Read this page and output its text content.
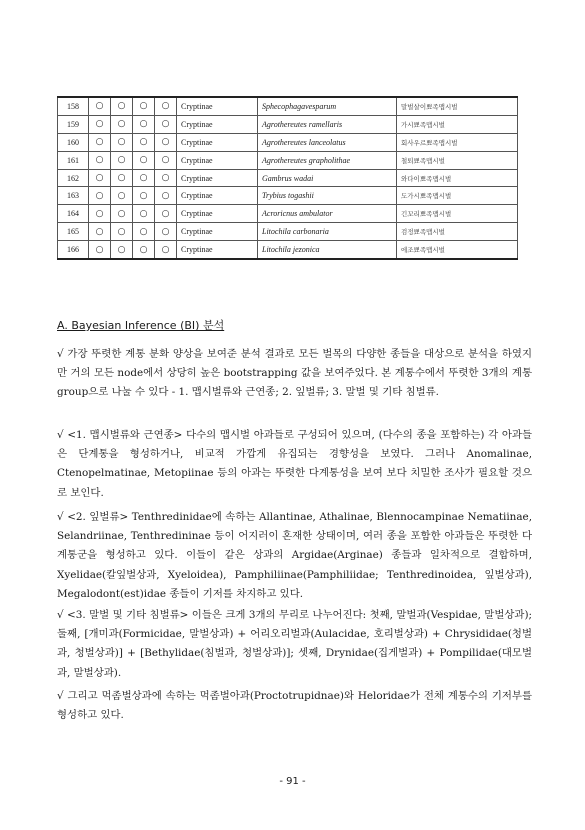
158	○	○	○	○	Cryptinae	Sphecophagavesparum	말벌살이뾰족맵시벌
159	○	○	○	○	Cryptinae	Agrothereutes ramellaris	가시뾰족맵시벌
160	○	○	○	○	Cryptinae	Agrothereutes lanceolatus	회사우르뾰족맵시벌
161	○	○	○	○	Cryptinae	Agrothereutes grapholithae	철퇴뾰족맵시벌
162	○	○	○	○	Cryptinae	Gambrus wadai	와다이뾰족맵시벌
163	○	○	○	○	Cryptinae	Trybius togashii	도가시뾰족맵시벌
164	○	○	○	○	Cryptinae	Acroricnus ambulator	긴꼬리뾰족맵시벌
165	○	○	○	○	Cryptinae	Litochila carbonaria	검정뾰족맵시벌
166	○	○	○	○	Cryptinae	Litochila jezonica	에조뾰족맵시벌
A. Bayesian Inference (BI) 분석
√ 가장 뚜렷한 계통 분화 양상을 보여준 분석 결과로 모든 벌목의 다양한 종들을 대상으로 분석을 하였지만 거의 모든 node에서 상당히 높은 bootstrapping 값을 보여주었다. 본 계통수에서 뚜렷한 3개의 계통 group으로 나눌 수 있다 - 1. 맵시벌류와 근연종; 2. 잎벌류; 3. 말벌 및 기타 침벌류.
√ <1. 맵시벌류와 근연종> 다수의 맵시벌 아과들로 구성되어 있으며, (다수의 종을 포함하는) 각 아과들은 단계통을 형성하거나, 비교적 가깝게 유집되는 경향성을 보였다. 그러나 Anomalinae, Ctenopelmatinae, Metopiinae 등의 아과는 뚜렷한 다계통성을 보여 보다 치밀한 조사가 필요할 것으로 보인다.
√ <2. 잎벌류> Tenthredinidae에 속하는 Allantinae, Athalinae, Blennocampinae Nematiinae, Selandriinae, Tenthredininae 등이 어지러이 혼재한 상태이며, 여러 종을 포함한 아과들은 뚜렷한 다계통군을 형성하고 있다. 이들이 같은 상과의 Argidae(Arginae) 종들과 일차적으로 결합하며, Xyelidae(칼잎벌상과, Xyeloidea), Pamphiliinae(Pamphiliidae; Tenthredinoidea, 잎벌상과), Megalodont(est)idae 종들이 기저를 차지하고 있다.
√ <3. 말벌 및 기타 침벌류> 이들은 크게 3개의 무리로 나누어진다: 첫째, 말벌과(Vespidae, 말벌상과); 둘째, [개미과(Formicidae, 말벌상과) + 어리오리벌과(Aulacidae, 호리벌상과) + Chrysididae(청벌과, 청벌상과)] + [Bethylidae(침벌과, 청벌상과)]; 셋째, Drynidae(집게벌과) + Pompilidae(대모벌과, 말벌상과).
√ 그리고 먹좀벌상과에 속하는 먹좀벌아과(Proctotrupidnae)와 Heloridae가 전체 계통수의 기저부를 형성하고 있다.
- 91 -
